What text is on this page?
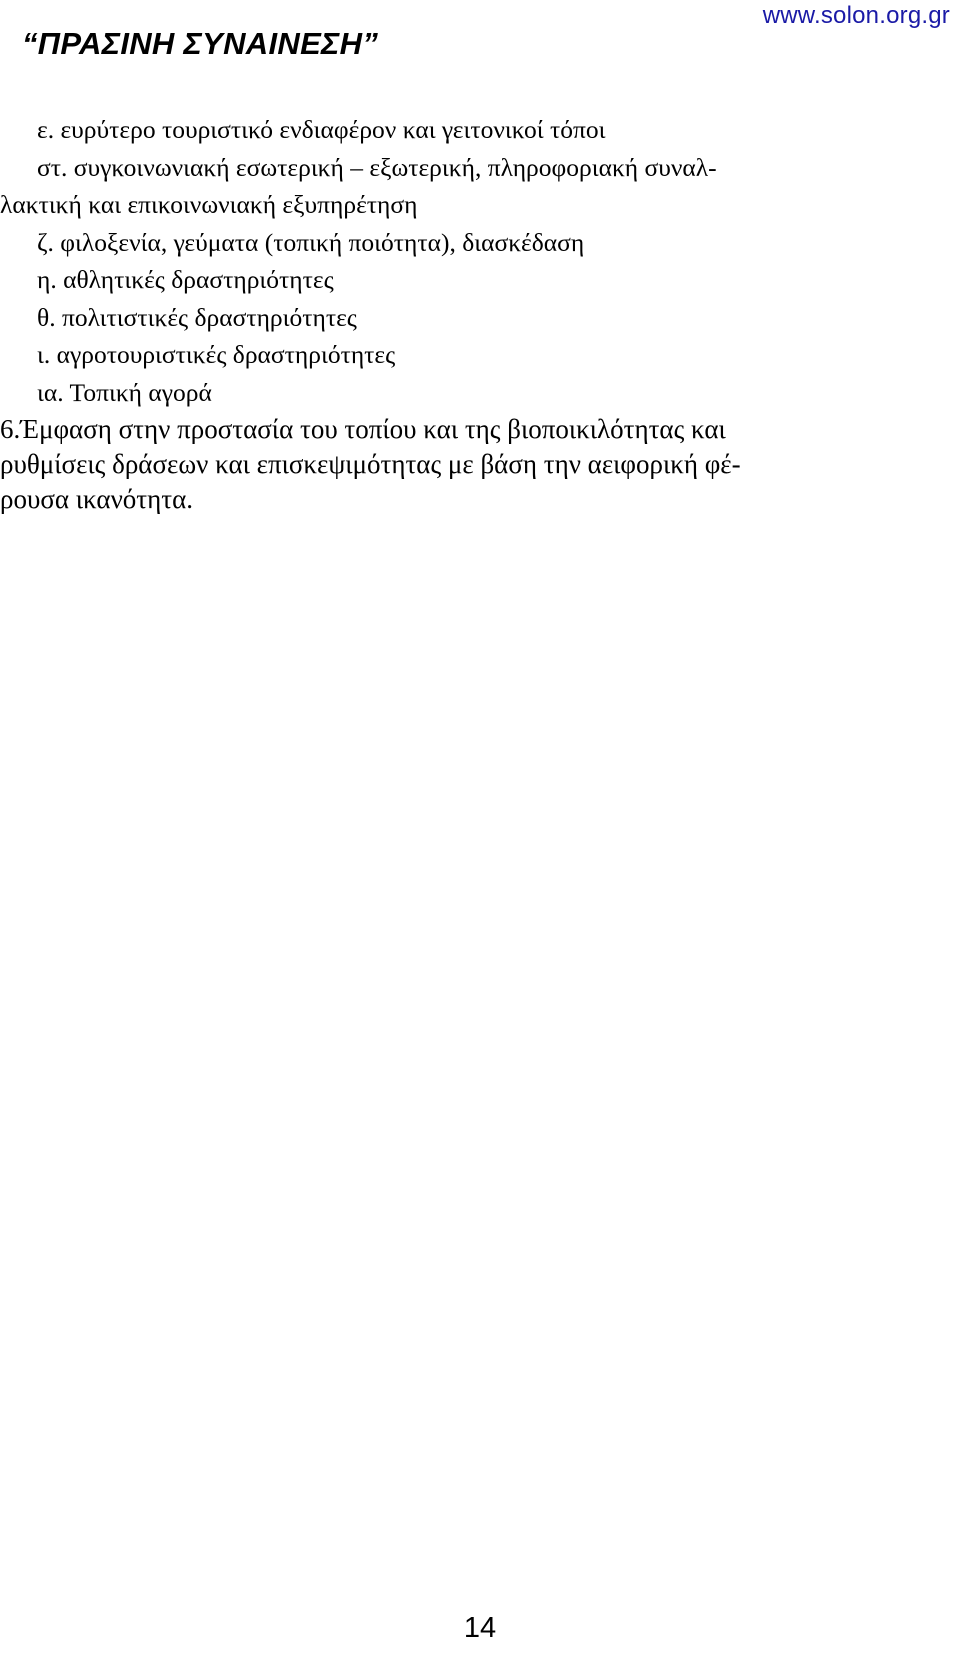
www.solon.org.gr
“ΠΡΑΣΙΝΗ ΣΥΝΑΙΝΕΣΗ”

ε. ευρύτερο τουριστικό ενδιαφέρον και γειτονικοί τόποι

στ. συγκοινωνιακή εσωτερική – εξωτερική, πληροφοριακή συναλ-

λακτική και επικοινωνιακή εξυπηρέτηση

ζ. φιλοξενία, γεύματα (τοπική ποιότητα), διασκέδαση

η. αθλητικές δραστηριότητες

θ. πολιτιστικές δραστηριότητες

ι. αγροτουριστικές δραστηριότητες

ια. Τοπική αγορά

6.Έμφαση στην προστασία του τοπίου και της βιοποικιλότητας και
ρυθμίσεις δράσεων και επισκεψιμότητας με βάση την αειφορική φέ-
ρουσα ικανότητα.

14
